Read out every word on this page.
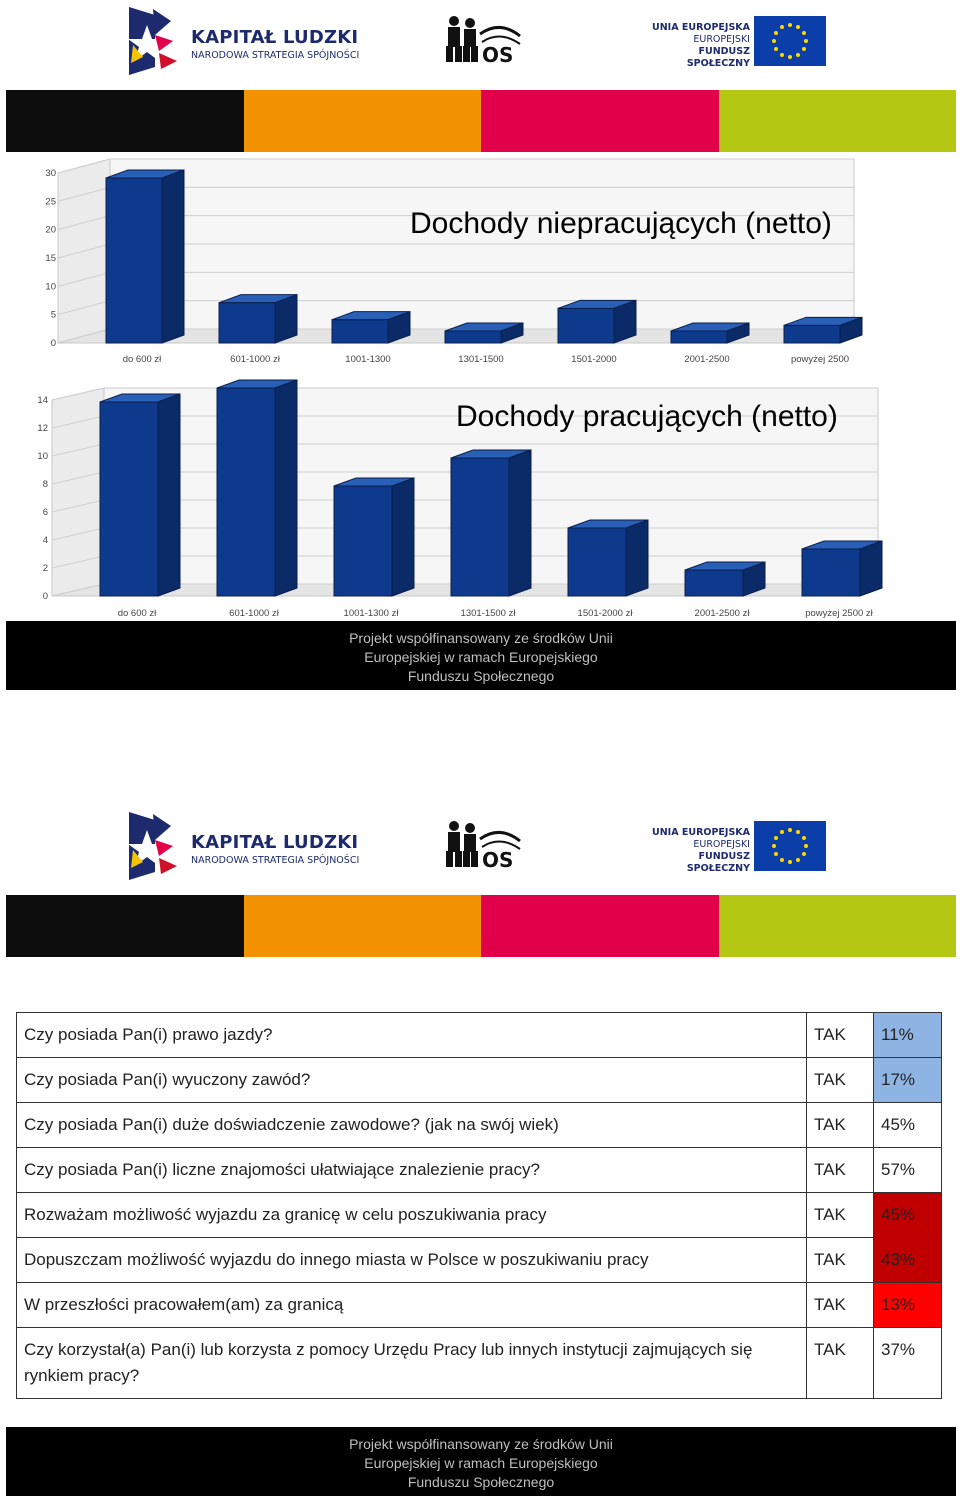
KAPITAŁ LUDZKI
NARODOWA STRATEGIA SPÓJNOŚCI	OS
UNIA EUROPEJSKA
EUROPEJSKI
FUNDUSZ SPOŁECZNY
0
5
10
15
20
25
30
do 600 zł	601-1000 zł	1001-1300	1301-1500	1501-2000	2001-2500	powyżej 2500
Dochody niepracujących (netto)
0
2
4
6
8
10
12
14
do 600 zł	601-1000 zł	1001-1300 zł	1301-1500 zł	1501-2000 zł	2001-2500 zł	powyżej 2500 zł
Dochody pracujących (netto)
Projekt współfinansowany ze środków Unii
Europejskiej w ramach Europejskiego
Funduszu Społecznego
KAPITAŁ LUDZKI
NARODOWA STRATEGIA SPÓJNOŚCI	OS
UNIA EUROPEJSKA
EUROPEJSKI
FUNDUSZ SPOŁECZNY
Czy posiada Pan(i) prawo jazdy?	TAK	11%
Czy posiada Pan(i) wyuczony zawód?	TAK	17%
Czy posiada Pan(i) duże doświadczenie zawodowe? (jak na swój wiek)	TAK	45%
Czy posiada Pan(i) liczne znajomości ułatwiające znalezienie pracy?	TAK	57%
Rozważam możliwość wyjazdu za granicę w celu poszukiwania pracy	TAK	45%
Dopuszczam możliwość wyjazdu do innego miasta w Polsce w poszukiwaniu pracy	TAK	43%
W przeszłości pracowałem(am) za granicą	TAK	13%
Czy korzystał(a) Pan(i) lub korzysta z pomocy Urzędu Pracy lub innych instytucji zajmujących się rynkiem pracy?	TAK	37%
Projekt współfinansowany ze środków Unii
Europejskiej w ramach Europejskiego
Funduszu Społecznego
